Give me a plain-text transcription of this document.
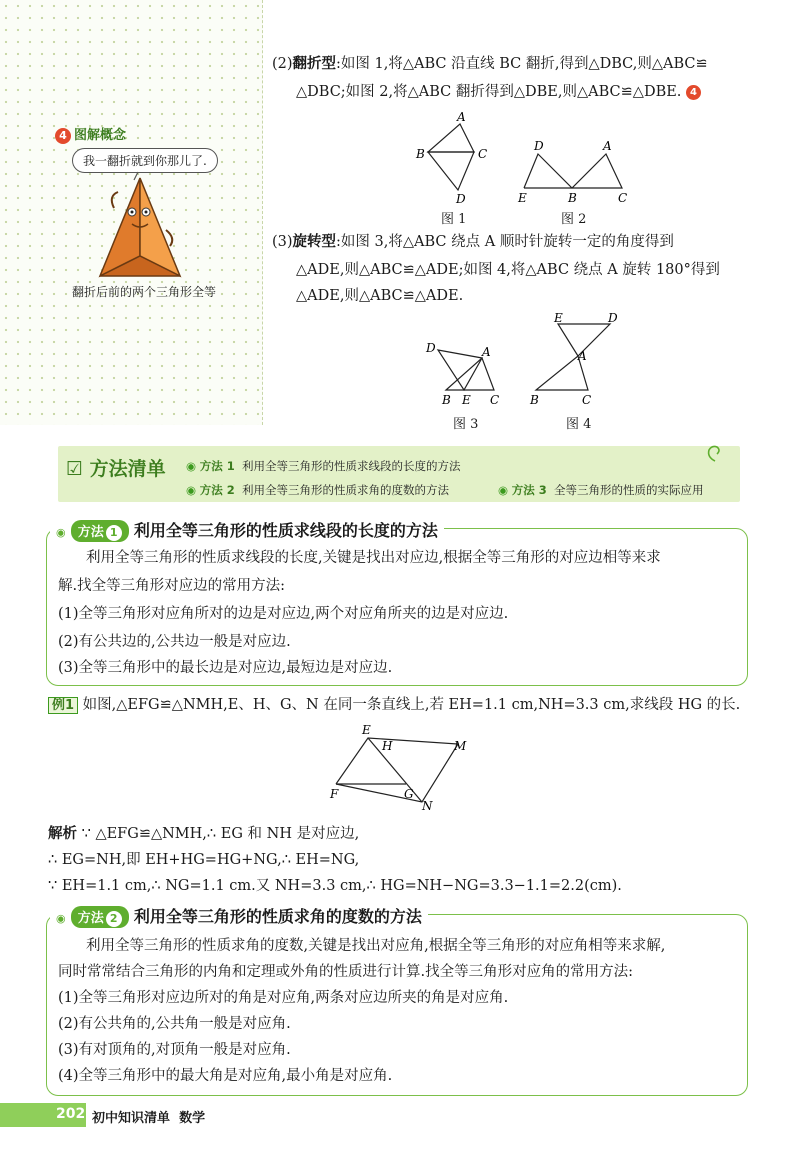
4 图解概念
我一翻折就到你那儿了.
翻折后前的两个三角形全等
(2)翻折型:如图 1,将△ABC 沿直线 BC 翻折,得到△DBC,则△ABC≌
△DBC;如图 2,将△ABC 翻折得到△DBE,则△ABC≌△DBE. 4
A
B	C
D
D	A
E	B	C
图 1	图 2
(3)旋转型:如图 3,将△ABC 绕点 A 顺时针旋转一定的角度得到
△ADE,则△ABC≌△ADE;如图 4,将△ABC 绕点 A 旋转 180°得到
△ADE,则△ABC≌△ADE.
D	A
B E C
E	D
A
B	C
图 3	图 4
☑ 方法清单 ◉ 方法 1 利用全等三角形的性质求线段的长度的方法
◉ 方法 2 利用全等三角形的性质求角的度数的方法	◉ 方法 3 全等三角形的性质的实际应用
◉ 方法 1 利用全等三角形的性质求线段的长度的方法
利用全等三角形的性质求线段的长度,关键是找出对应边,根据全等三角形的对应边相等来求
解.找全等三角形对应边的常用方法:
(1)全等三角形对应角所对的边是对应边,两个对应角所夹的边是对应边.
(2)有公共边的,公共边一般是对应边.
(3)全等三角形中的最长边是对应边,最短边是对应边.
例1 如图,△EFG≌△NMH,E、H、G、N 在同一条直线上,若 EH=1.1 cm,NH=3.3 cm,求线段 HG 的长.
E
H	M
F	G
N
解析 ∵ △EFG≌△NMH,∴ EG 和 NH 是对应边,
∴ EG=NH,即 EH+HG=HG+NG,∴ EH=NG,
∵ EH=1.1 cm,∴ NG=1.1 cm.又 NH=3.3 cm,∴ HG=NH−NG=3.3−1.1=2.2(cm).
◉ 方法 2 利用全等三角形的性质求角的度数的方法
利用全等三角形的性质求角的度数,关键是找出对应角,根据全等三角形的对应角相等来求解,
同时常常结合三角形的内角和定理或外角的性质进行计算.找全等三角形对应角的常用方法:
(1)全等三角形对应边所对的角是对应角,两条对应边所夹的角是对应角.
(2)有公共角的,公共角一般是对应角.
(3)有对顶角的,对顶角一般是对应角.
(4)全等三角形中的最大角是对应角,最小角是对应角.
202 初中知识清单 数学
